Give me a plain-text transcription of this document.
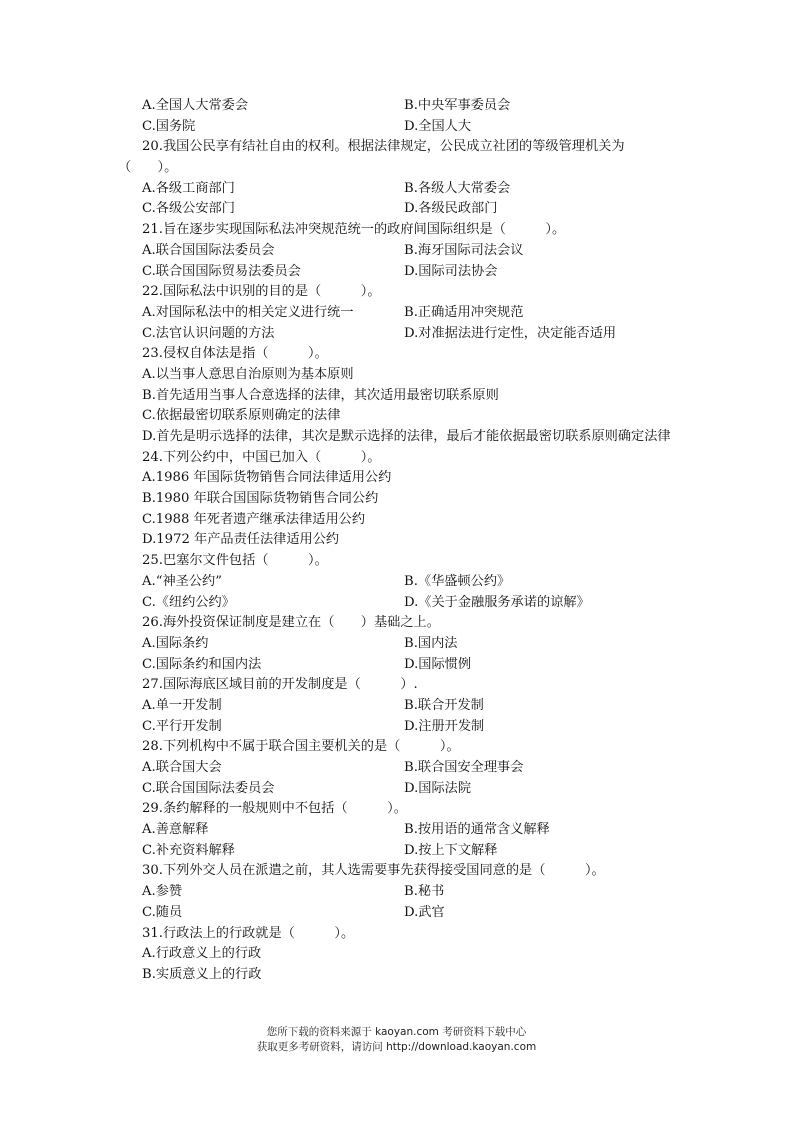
A.全国人大常委会	B.中央军事委员会
C.国务院	D.全国人大
20.我国公民享有结社自由的权利。根据法律规定，公民成立社团的等级管理机关为（　　）。
A.各级工商部门	B.各级人大常委会
C.各级公安部门	D.各级民政部门
21.旨在逐步实现国际私法冲突规范统一的政府间国际组织是（　　　）。
A.联合国国际法委员会	B.海牙国际司法会议
C.联合国国际贸易法委员会	D.国际司法协会
22.国际私法中识别的目的是（　　　）。
A.对国际私法中的相关定义进行统一	B.正确适用冲突规范
C.法官认识问题的方法	D.对准据法进行定性，决定能否适用
23.侵权自体法是指（　　　）。
A.以当事人意思自治原则为基本原则
B.首先适用当事人合意选择的法律，其次适用最密切联系原则
C.依据最密切联系原则确定的法律
D.首先是明示选择的法律，其次是默示选择的法律，最后才能依据最密切联系原则确定法律
24.下列公约中，中国已加入（　　　）。
A.1986 年国际货物销售合同法律适用公约
B.1980 年联合国国际货物销售合同公约
C.1988 年死者遗产继承法律适用公约
D.1972 年产品责任法律适用公约
25.巴塞尔文件包括（　　　）。
A.“神圣公约”	B.《华盛顿公约》
C.《纽约公约》	D.《关于金融服务承诺的谅解》
26.海外投资保证制度是建立在（　　）基础之上。
A.国际条约	B.国内法
C.国际条约和国内法	D.国际惯例
27.国际海底区域目前的开发制度是（　　　）.
A.单一开发制	B.联合开发制
C.平行开发制	D.注册开发制
28.下列机构中不属于联合国主要机关的是（　　　）。
A.联合国大会	B.联合国安全理事会
C.联合国国际法委员会	D.国际法院
29.条约解释的一般规则中不包括（　　　）。
A.善意解释	B.按用语的通常含义解释
C.补充资料解释	D.按上下文解释
30.下列外交人员在派遣之前，其人选需要事先获得接受国同意的是（　　　）。
A.参赞	B.秘书
C.随员	D.武官
31.行政法上的行政就是（　　　）。
A.行政意义上的行政
B.实质意义上的行政
您所下载的资料来源于 kaoyan.com 考研资料下载中心
获取更多考研资料，请访问 http://download.kaoyan.com
